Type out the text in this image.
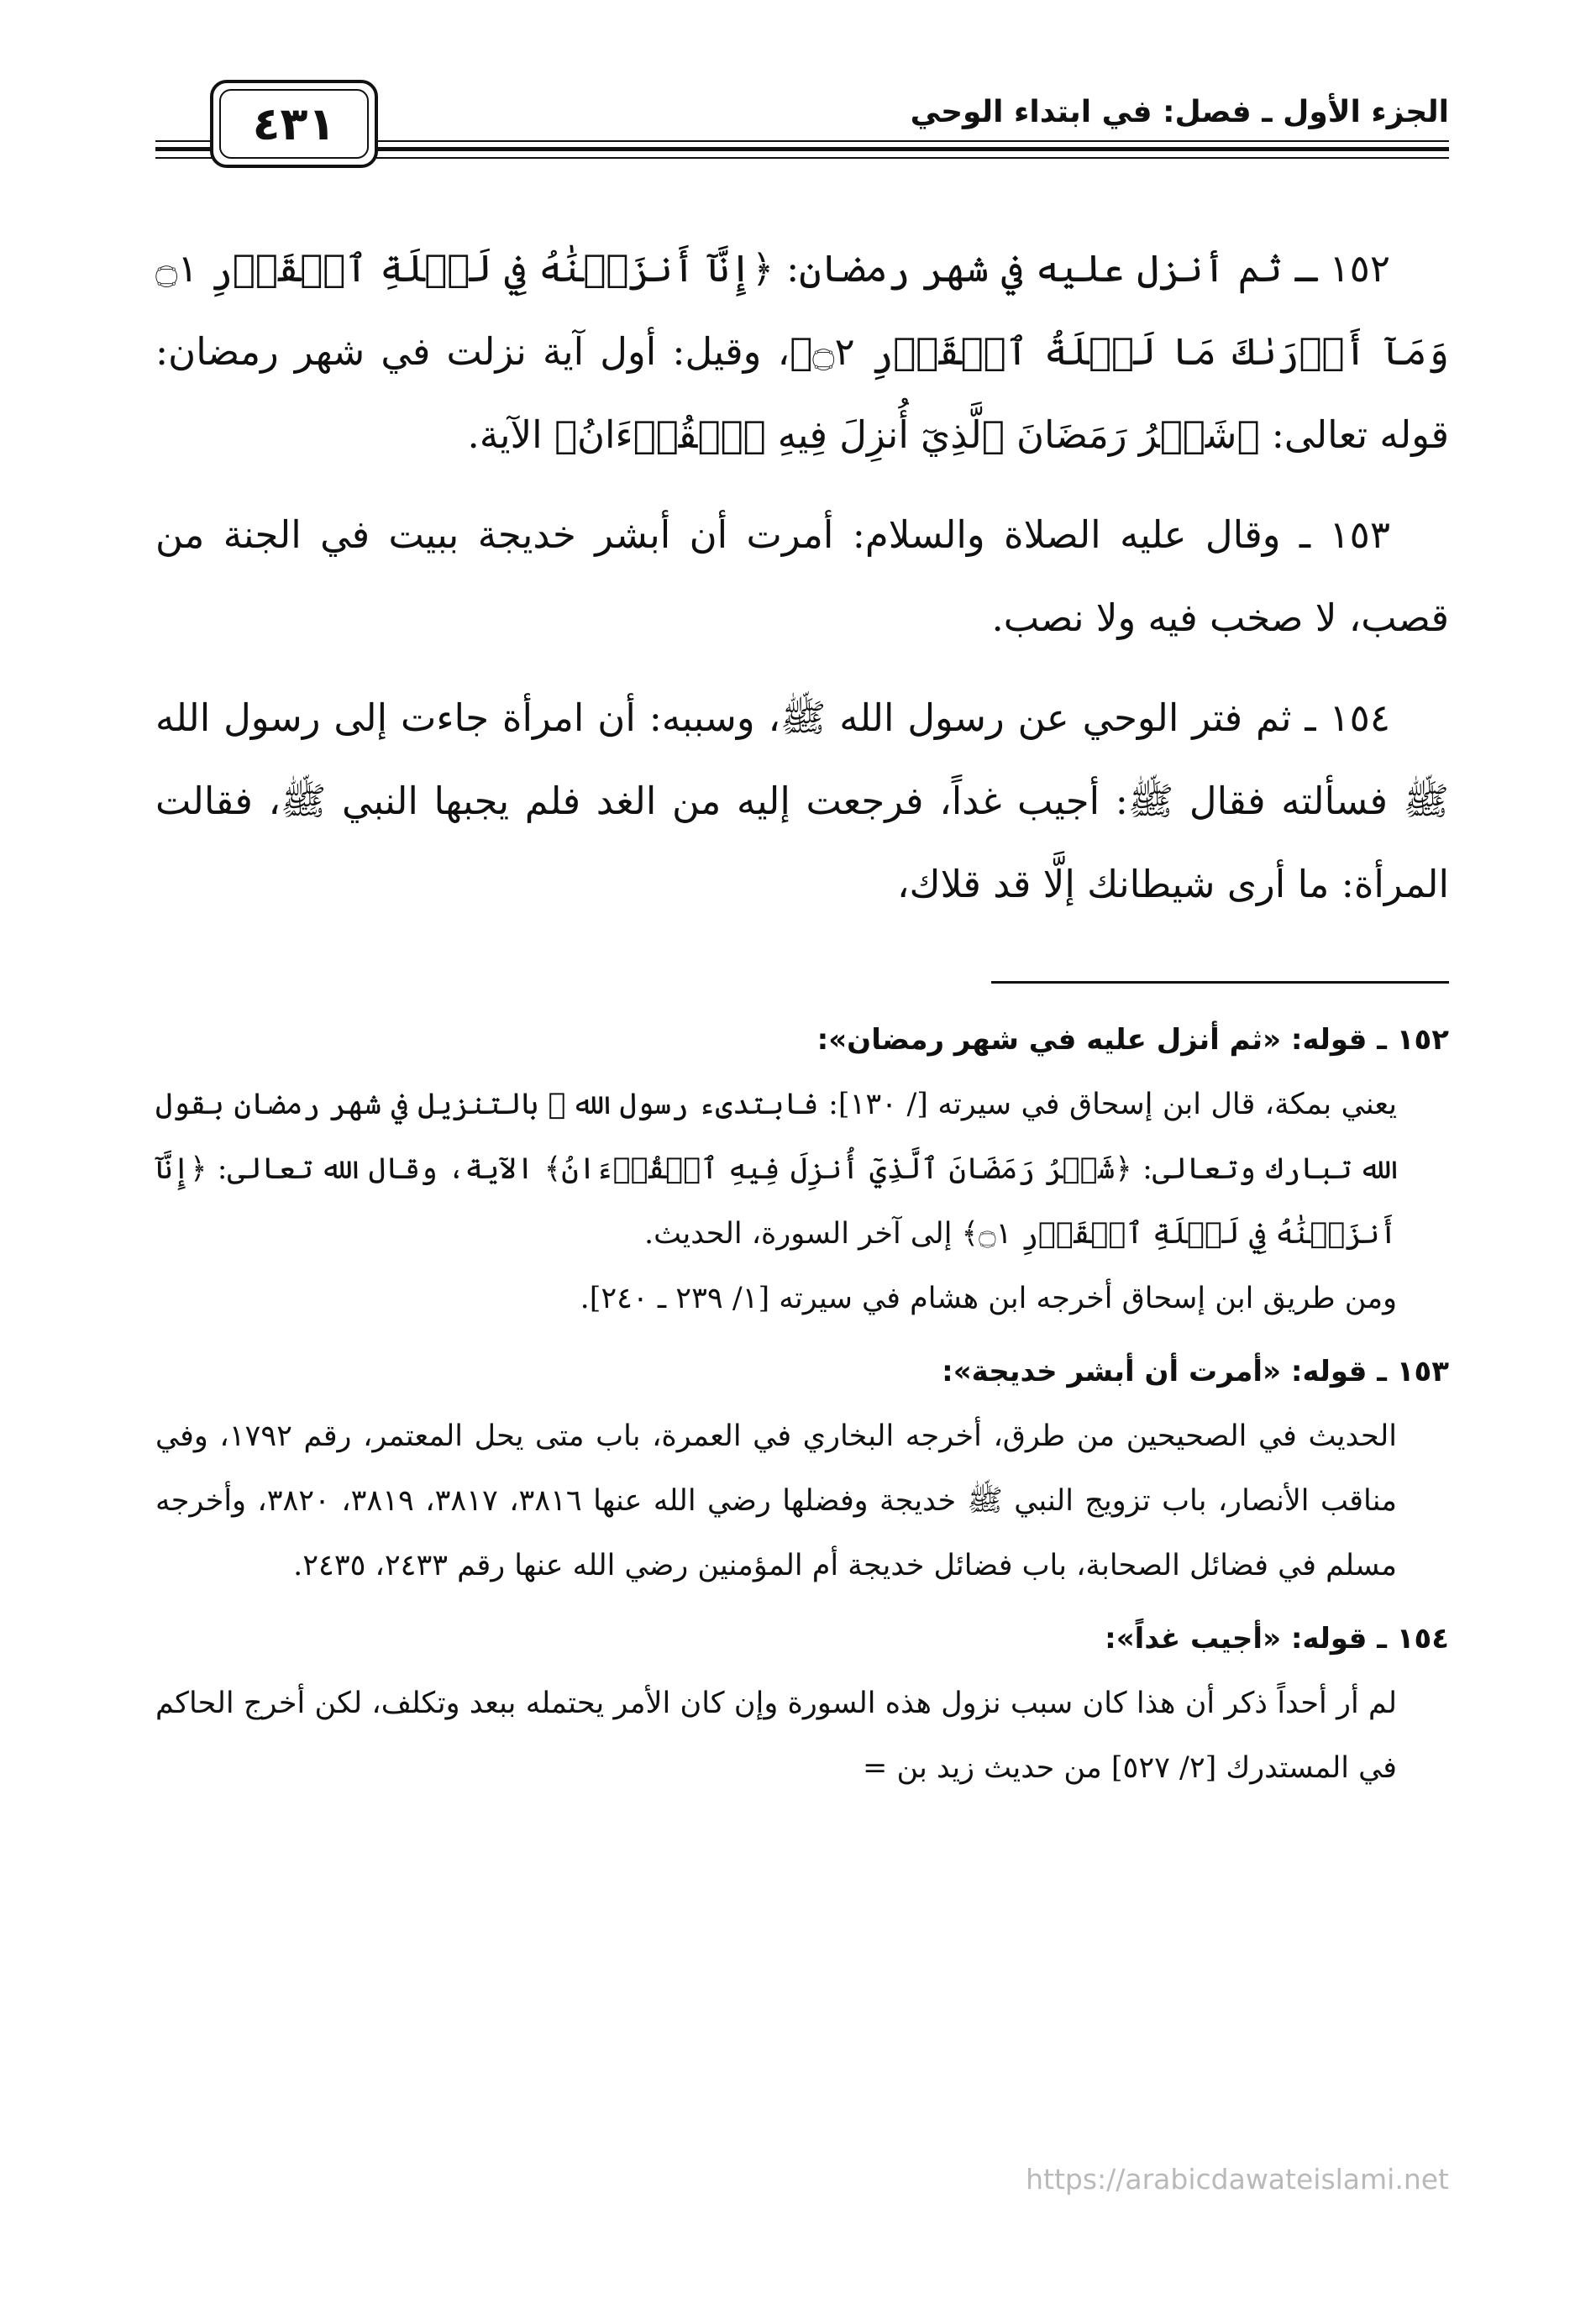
الجزء الأول ـ فصل: في ابتداء الوحي
٤٣١

١٥٢ ـ ثم أنزل عليه في شهر رمضان: ﴿إِنَّآ أَنزَلۡنَٰهُ فِي لَيۡلَةِ ٱلۡقَدۡرِ ۝١ وَمَآ أَدۡرَىٰكَ مَا لَيۡلَةُ ٱلۡقَدۡرِ ۝٢﴾، وقيل: أول آية نزلت في شهر رمضان: قوله تعالى: ﴿شَهۡرُ رَمَضَانَ ٱلَّذِيٓ أُنزِلَ فِيهِ ٱلۡقُرۡءَانُ﴾ الآية.

١٥٣ ـ وقال عليه الصلاة والسلام: أمرت أن أبشر خديجة ببيت في الجنة من قصب، لا صخب فيه ولا نصب.

١٥٤ ـ ثم فتر الوحي عن رسول الله ﷺ، وسببه: أن امرأة جاءت إلى رسول الله ﷺ فسألته فقال ﷺ: أجيب غداً، فرجعت إليه من الغد فلم يجبها النبي ﷺ، فقالت المرأة: ما أرى شيطانك إلَّا قد قلاك،

١٥٢ ـ قوله: «ثم أنزل عليه في شهر رمضان»:

يعني بمكة، قال ابن إسحاق في سيرته [/ ١٣٠]: فابتدىء رسول الله ﷺ بالتنزيل في شهر رمضان بقول الله تبارك وتعالى: ﴿شَهۡرُ رَمَضَانَ ٱلَّذِيٓ أُنزِلَ فِيهِ ٱلۡقُرۡءَانُ﴾ الآية، وقال الله تعالى: ﴿إِنَّآ أَنزَلۡنَٰهُ فِي لَيۡلَةِ ٱلۡقَدۡرِ ۝١﴾ إلى آخر السورة، الحديث.

ومن طريق ابن إسحاق أخرجه ابن هشام في سيرته [١/ ٢٣٩ ـ ٢٤٠].

١٥٣ ـ قوله: «أمرت أن أبشر خديجة»:

الحديث في الصحيحين من طرق، أخرجه البخاري في العمرة، باب متى يحل المعتمر، رقم ١٧٩٢، وفي مناقب الأنصار، باب تزويج النبي ﷺ خديجة وفضلها رضي الله عنها ٣٨١٦، ٣٨١٧، ٣٨١٩، ٣٨٢٠، وأخرجه مسلم في فضائل الصحابة، باب فضائل خديجة أم المؤمنين رضي الله عنها رقم ٢٤٣٣، ٢٤٣٥.

١٥٤ ـ قوله: «أجيب غداً»:

لم أر أحداً ذكر أن هذا كان سبب نزول هذه السورة وإن كان الأمر يحتمله ببعد وتكلف، لكن أخرج الحاكم في المستدرك [٢/ ٥٢٧] من حديث زيد بن =

https://arabicdawateislami.net
